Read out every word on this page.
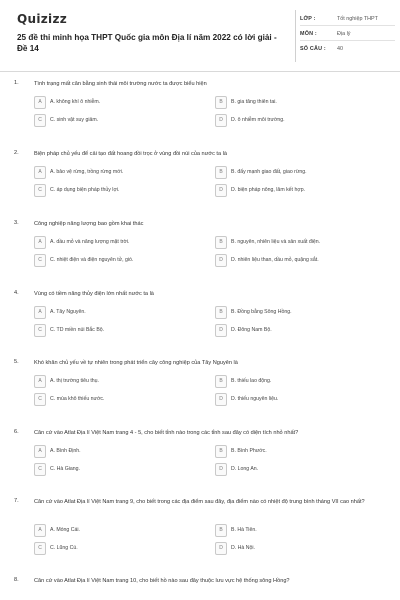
Quizizz
25 đề thi minh họa THPT Quốc gia môn Địa lí năm 2022 có lời giải - Đề 14
LỚP :	Tốt nghiệp THPT
MÔN :	Địa lý
SỐ CÂU : 40
1.	Tình trạng mất cân bằng sinh thái môi trường nước ta được biểu hiện
A	A. không khí ô nhiễm.	B	B. gia tăng thiên tai.
C	C. sinh vật suy giảm.	D	D. ô nhiễm môi trường.
2.	Biện pháp chủ yếu để cải tạo đất hoang đồi trọc ở vùng đồi núi của nước ta là
A	A. bảo vệ rừng, trồng rừng mới.	B	B. đẩy mạnh giao đất, giao rừng.
C	C. áp dụng biện pháp thủy lợi.	D	D. biện pháp nông, lâm kết hợp.
3.	Công nghiệp năng lượng bao gồm khai thác
A	A. dầu mỏ và năng lượng mặt trời.	B	B. nguyên, nhiên liệu và sản xuất điện.
C	C. nhiệt điện và điện nguyên tử, gió.	D	D. nhiên liệu than, dầu mỏ, quặng sắt.
4.	Vùng có tiềm năng thủy điện lớn nhất nước ta là
A	A. Tây Nguyên.	B	B. Đồng bằng Sông Hồng.
C	C. TD miền núi Bắc Bộ.	D	D. Đông Nam Bộ.
5.	Khó khăn chủ yếu về tự nhiên trong phát triển cây công nghiệp của Tây Nguyên là
A	A. thị trường tiêu thụ.	B	B. thiếu lao động.
C	C. mùa khô thiếu nước.	D	D. thiếu nguyên liệu.
6.	Căn cứ vào Atlat Địa lí Việt Nam trang 4 - 5, cho biết tỉnh nào trong các tỉnh sau đây có diện tích nhỏ nhất?
A	A. Bình Định.	B	B. Bình Phước.
C	C. Hà Giang.	D	D. Long An.
7.	Căn cứ vào Atlat Địa lí Việt Nam trang 9, cho biết trong các địa điểm sau đây, địa điểm nào có nhiệt độ trung bình tháng VII cao nhất?
A	A. Móng Cái.	B	B. Hà Tiên.
C	C. Lũng Cú.	D	D. Hà Nội.
8.	Căn cứ vào Atlat Địa lí Việt Nam trang 10, cho biết hồ nào sau đây thuộc lưu vực hệ thống sông Hồng?
